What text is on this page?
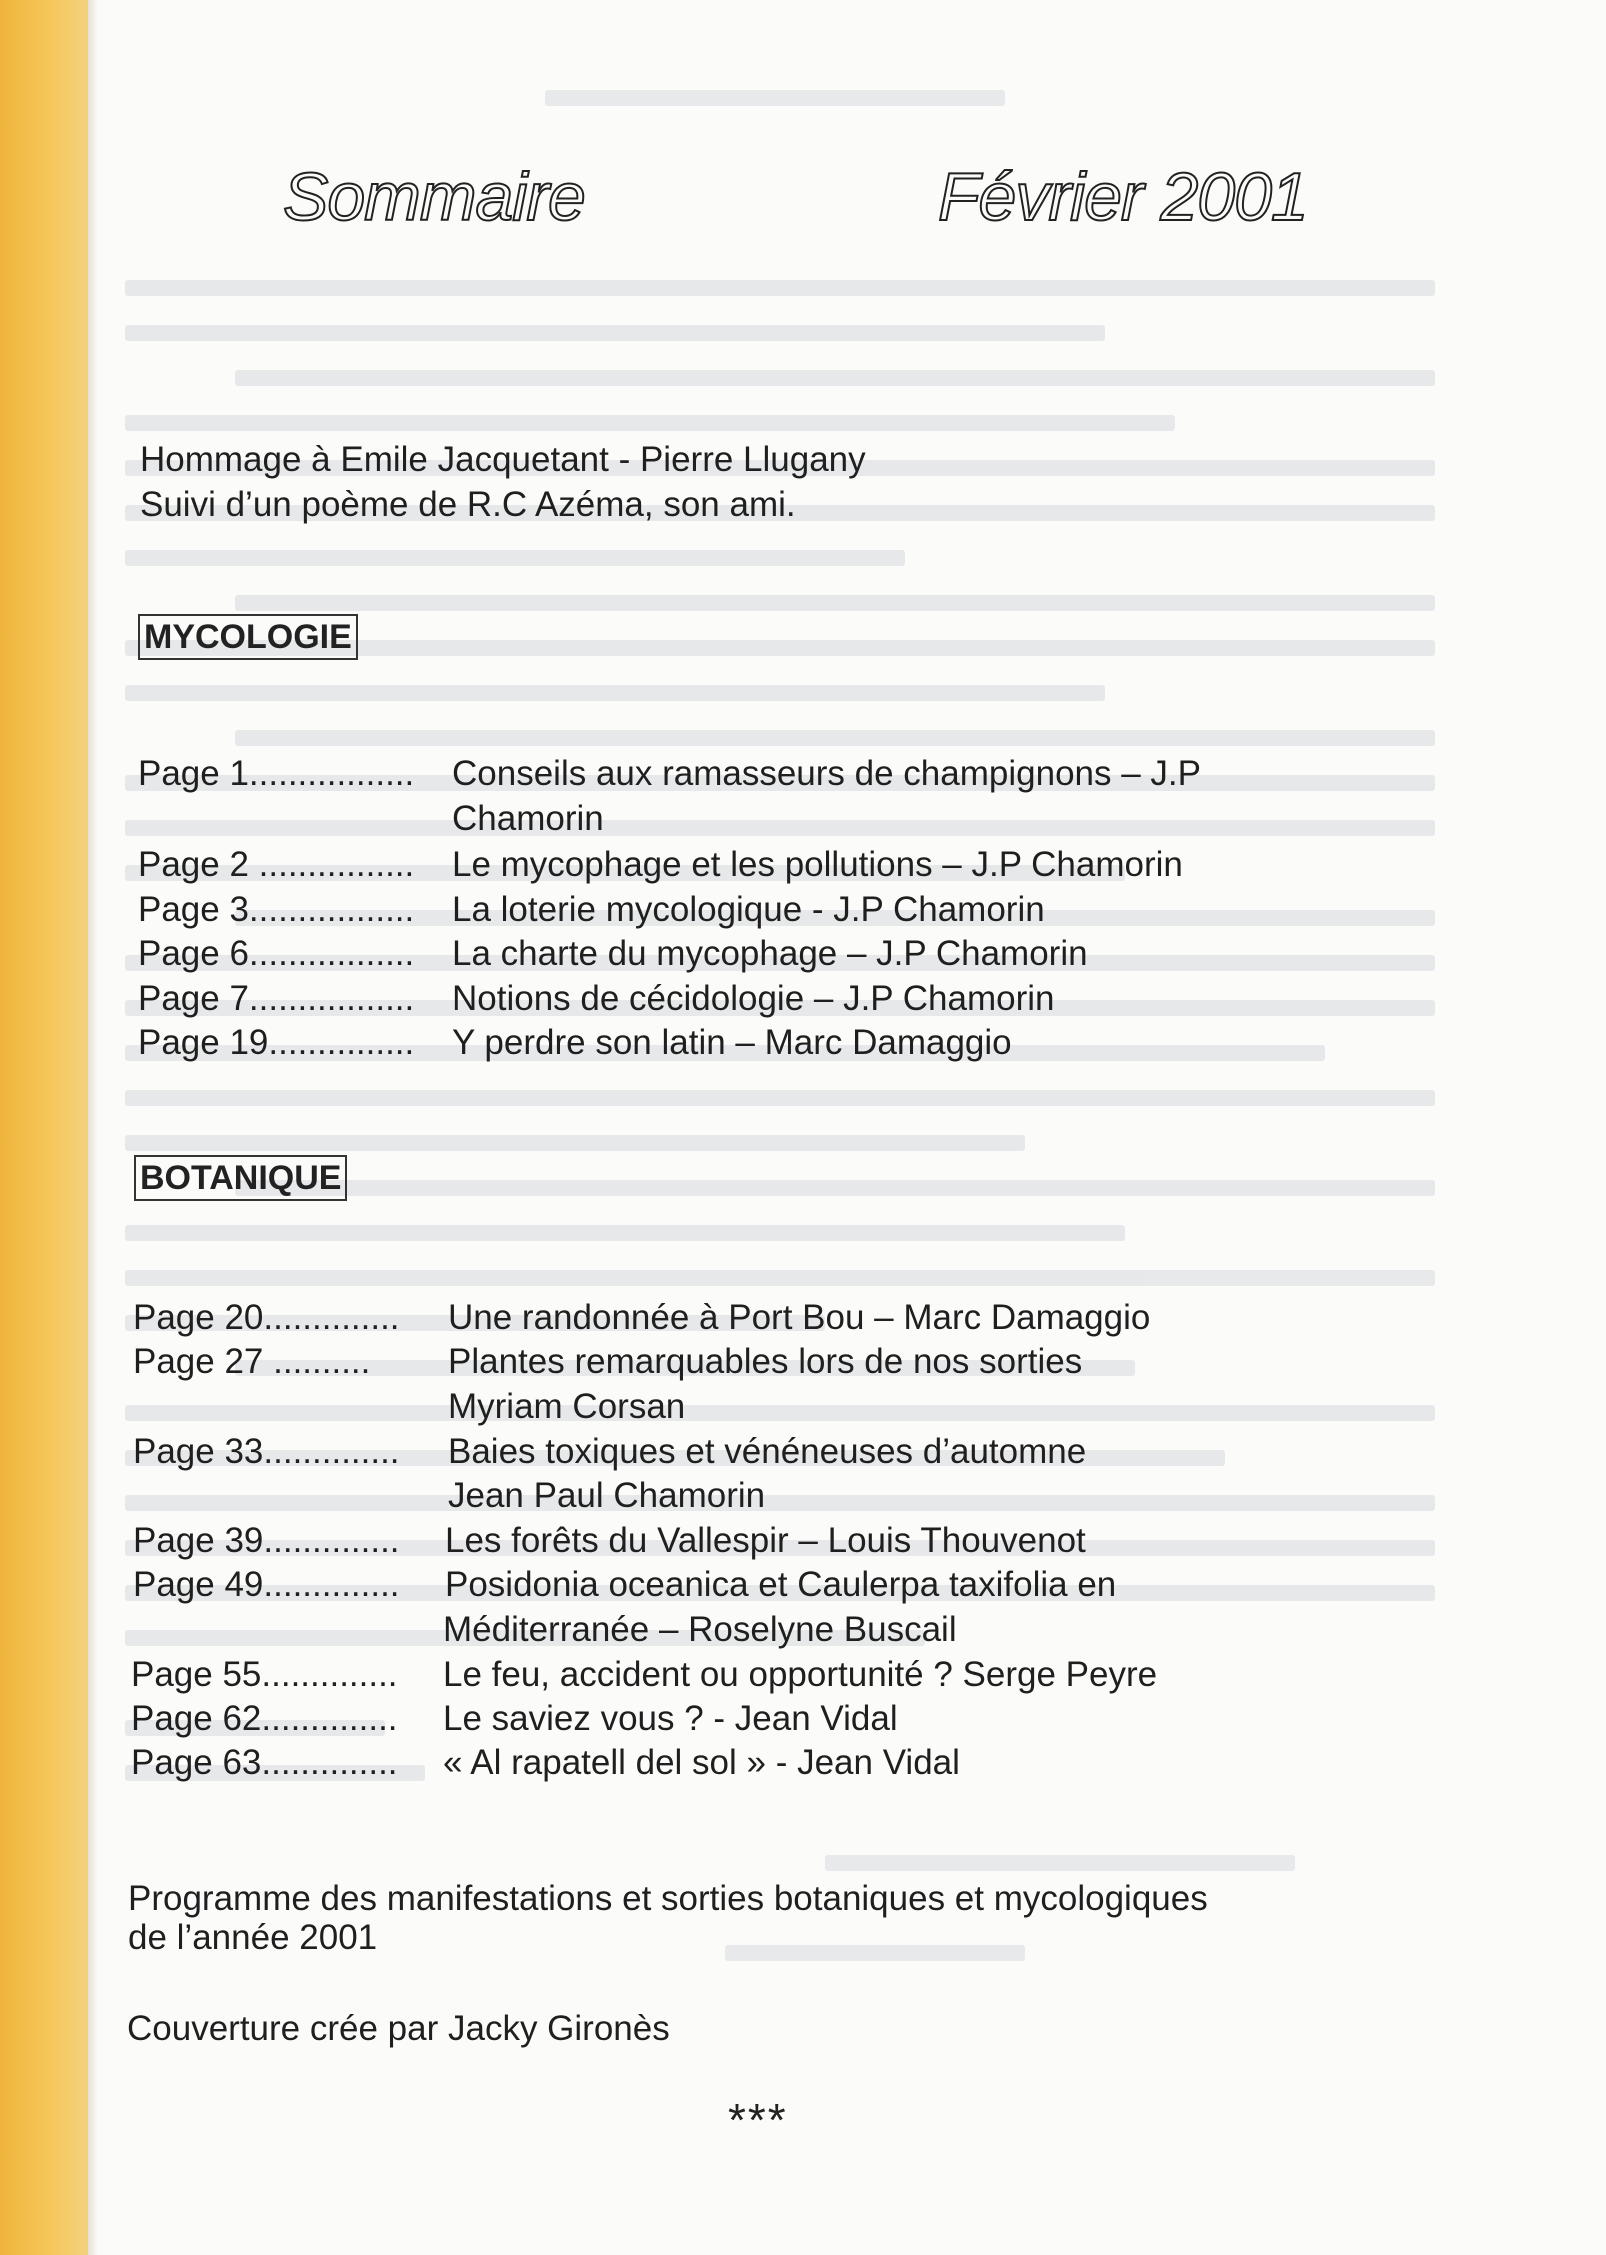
Sommaire	Février 2001
Hommage à Emile Jacquetant - Pierre Llugany
Suivi d’un poème de R.C Azéma, son ami.
MYCOLOGIE
Page 1................. Conseils aux ramasseurs de champignons – J.P
Chamorin
Page 2 ................ Le mycophage et les pollutions – J.P Chamorin
Page 3................. La loterie mycologique - J.P Chamorin
Page 6................. La charte du mycophage – J.P Chamorin
Page 7................. Notions de cécidologie – J.P Chamorin
Page 19............... Y perdre son latin – Marc Damaggio
BOTANIQUE
Page 20.............. Une randonnée à Port Bou – Marc Damaggio
Page 27 .......... Plantes remarquables lors de nos sorties
Myriam Corsan
Page 33.............. Baies toxiques et vénéneuses d’automne
Jean Paul Chamorin
Page 39.............. Les forêts du Vallespir – Louis Thouvenot
Page 49.............. Posidonia oceanica et Caulerpa taxifolia en
Méditerranée – Roselyne Buscail
Page 55.............. Le feu, accident ou opportunité ? Serge Peyre
Page 62.............. Le saviez vous ? - Jean Vidal
Page 63.............. « Al rapatell del sol » - Jean Vidal
Programme des manifestations et sorties botaniques et mycologiques
de l’année 2001
Couverture crée par Jacky Gironès
***
